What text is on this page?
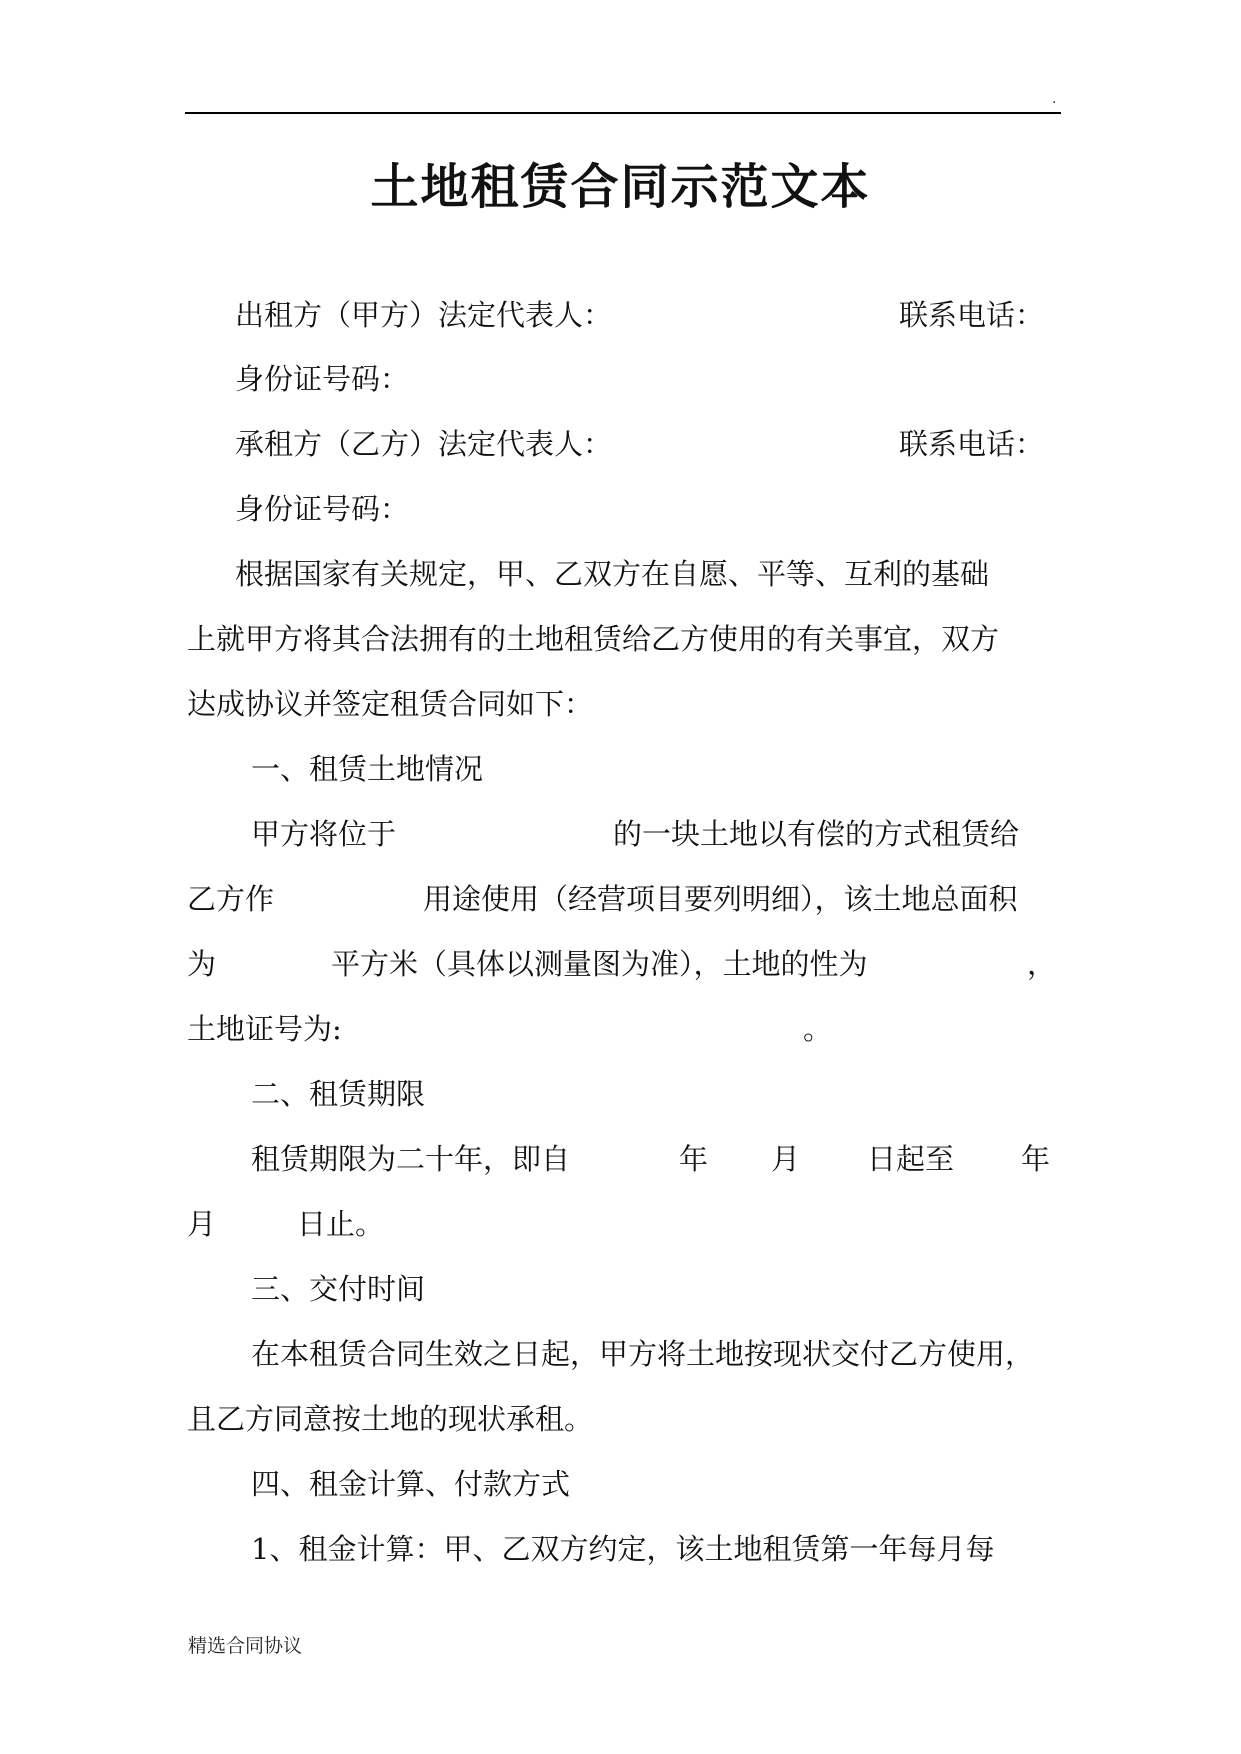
.
土地租赁合同示范文本
出租方（甲方）法定代表人：	联系电话：
身份证号码：
承租方（乙方）法定代表人：	联系电话：
身份证号码：
根据国家有关规定，甲、乙双方在自愿、平等、互利的基础
上就甲方将其合法拥有的土地租赁给乙方使用的有关事宜，双方
达成协议并签定租赁合同如下：
一、租赁土地情况
甲方将位于	的一块土地以有偿的方式租赁给
乙方作	用途使用（经营项目要列明细），该土地总面积
为	平方米（具体以测量图为准），土地的性为	，
土地证号为:	。
二、租赁期限
租赁期限为二十年，即自	年 月 日起至 年
月	日止。
三、交付时间
在本租赁合同生效之日起，甲方将土地按现状交付乙方使用，
且乙方同意按土地的现状承租。
四、租金计算、付款方式
1、租金计算：甲、乙双方约定，该土地租赁第一年每月每
精选合同协议
